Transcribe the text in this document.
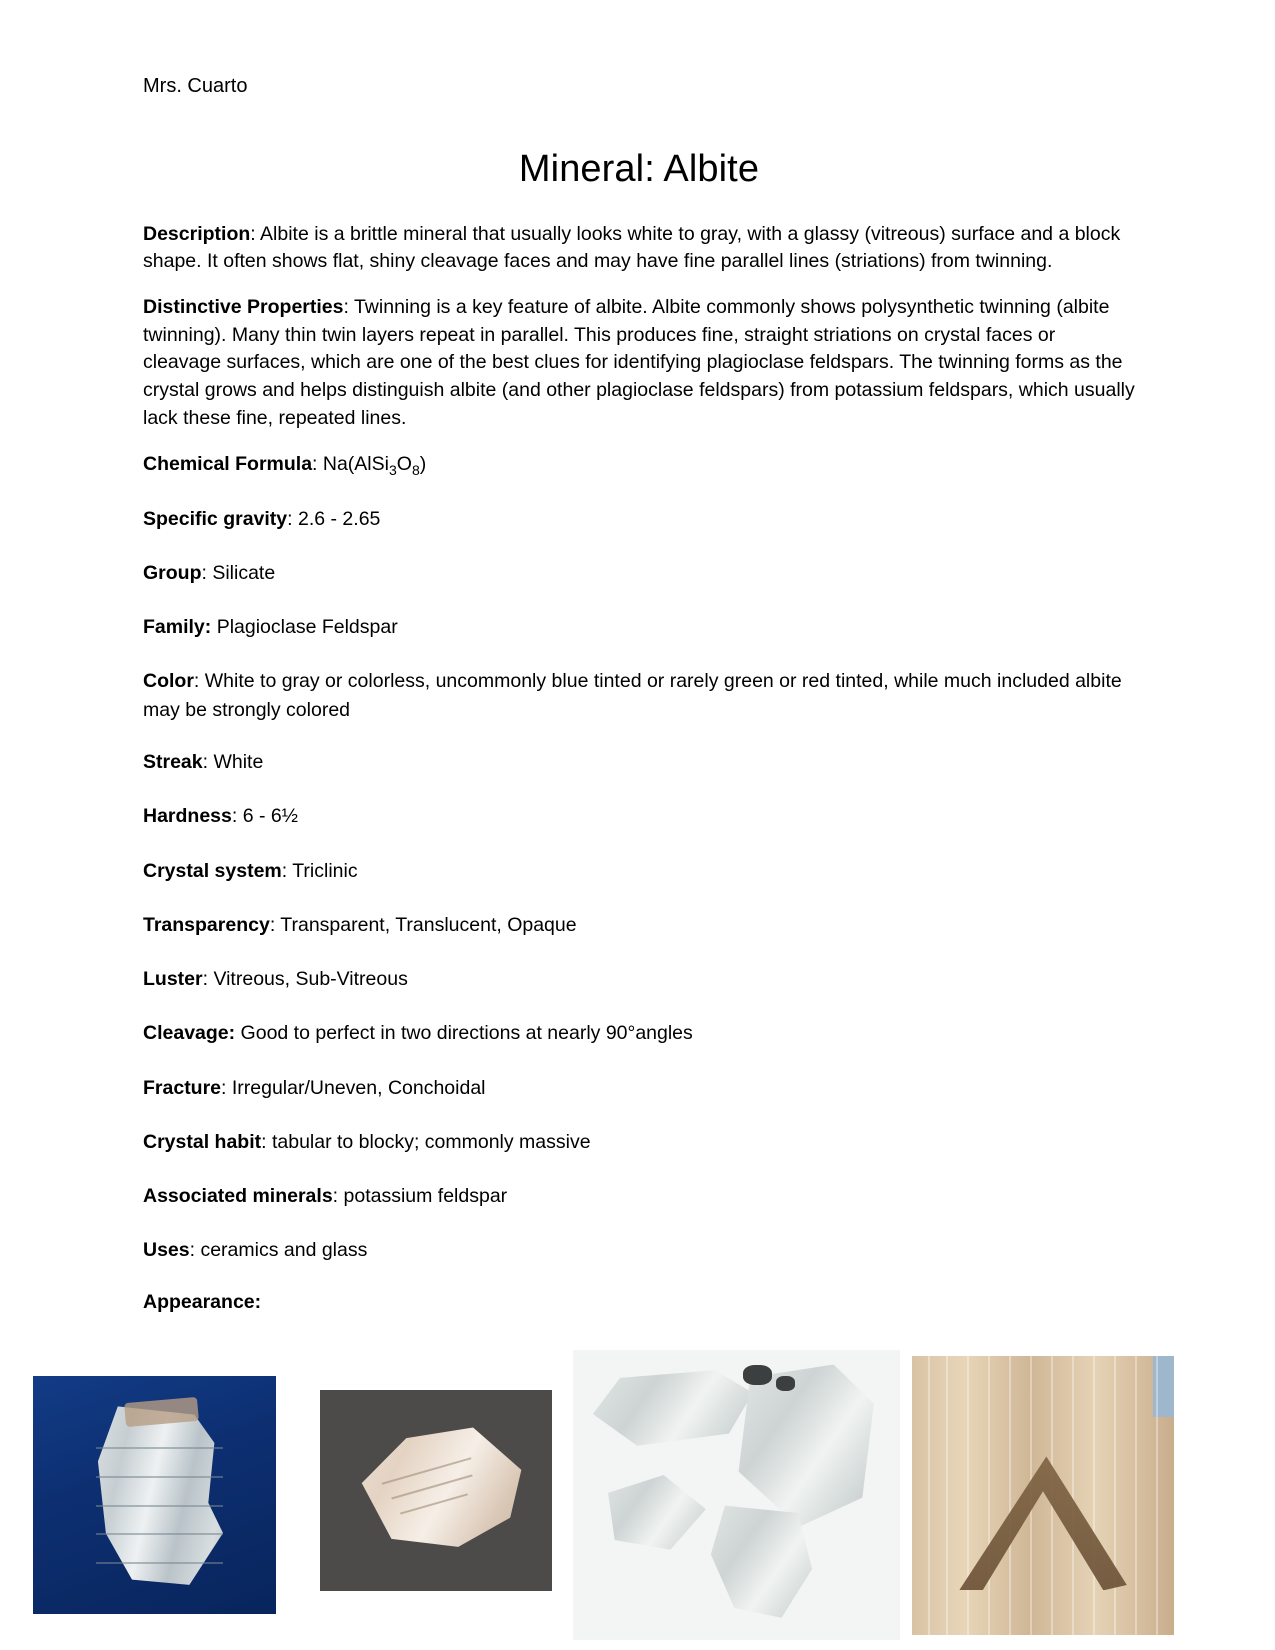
Mrs. Cuarto
Mineral: Albite

Description: Albite is a brittle mineral that usually looks white to gray, with a glassy (vitreous) surface and a block shape. It often shows flat, shiny cleavage faces and may have fine parallel lines (striations) from twinning.

Distinctive Properties: Twinning is a key feature of albite. Albite commonly shows polysynthetic twinning (albite twinning). Many thin twin layers repeat in parallel. This produces fine, straight striations on crystal faces or cleavage surfaces, which are one of the best clues for identifying plagioclase feldspars. The twinning forms as the crystal grows and helps distinguish albite (and other plagioclase feldspars) from potassium feldspars, which usually lack these fine, repeated lines.

Chemical Formula: $Na(AlSi_3O_8)$

Specific gravity: 2.6 - 2.65

Group: Silicate

Family: Plagioclase Feldspar

Color: White to gray or colorless, uncommonly blue tinted or rarely green or red tinted, while much included albite may be strongly colored

Streak: White

Hardness: 6 - 6½

Crystal system: Triclinic

Transparency: Transparent, Translucent, Opaque

Luster: Vitreous, Sub-Vitreous

Cleavage: Good to perfect in two directions at nearly 90°angles

Fracture: Irregular/Uneven, Conchoidal

Crystal habit: tabular to blocky; commonly massive

Associated minerals: potassium feldspar

Uses: ceramics and glass

Appearance:
